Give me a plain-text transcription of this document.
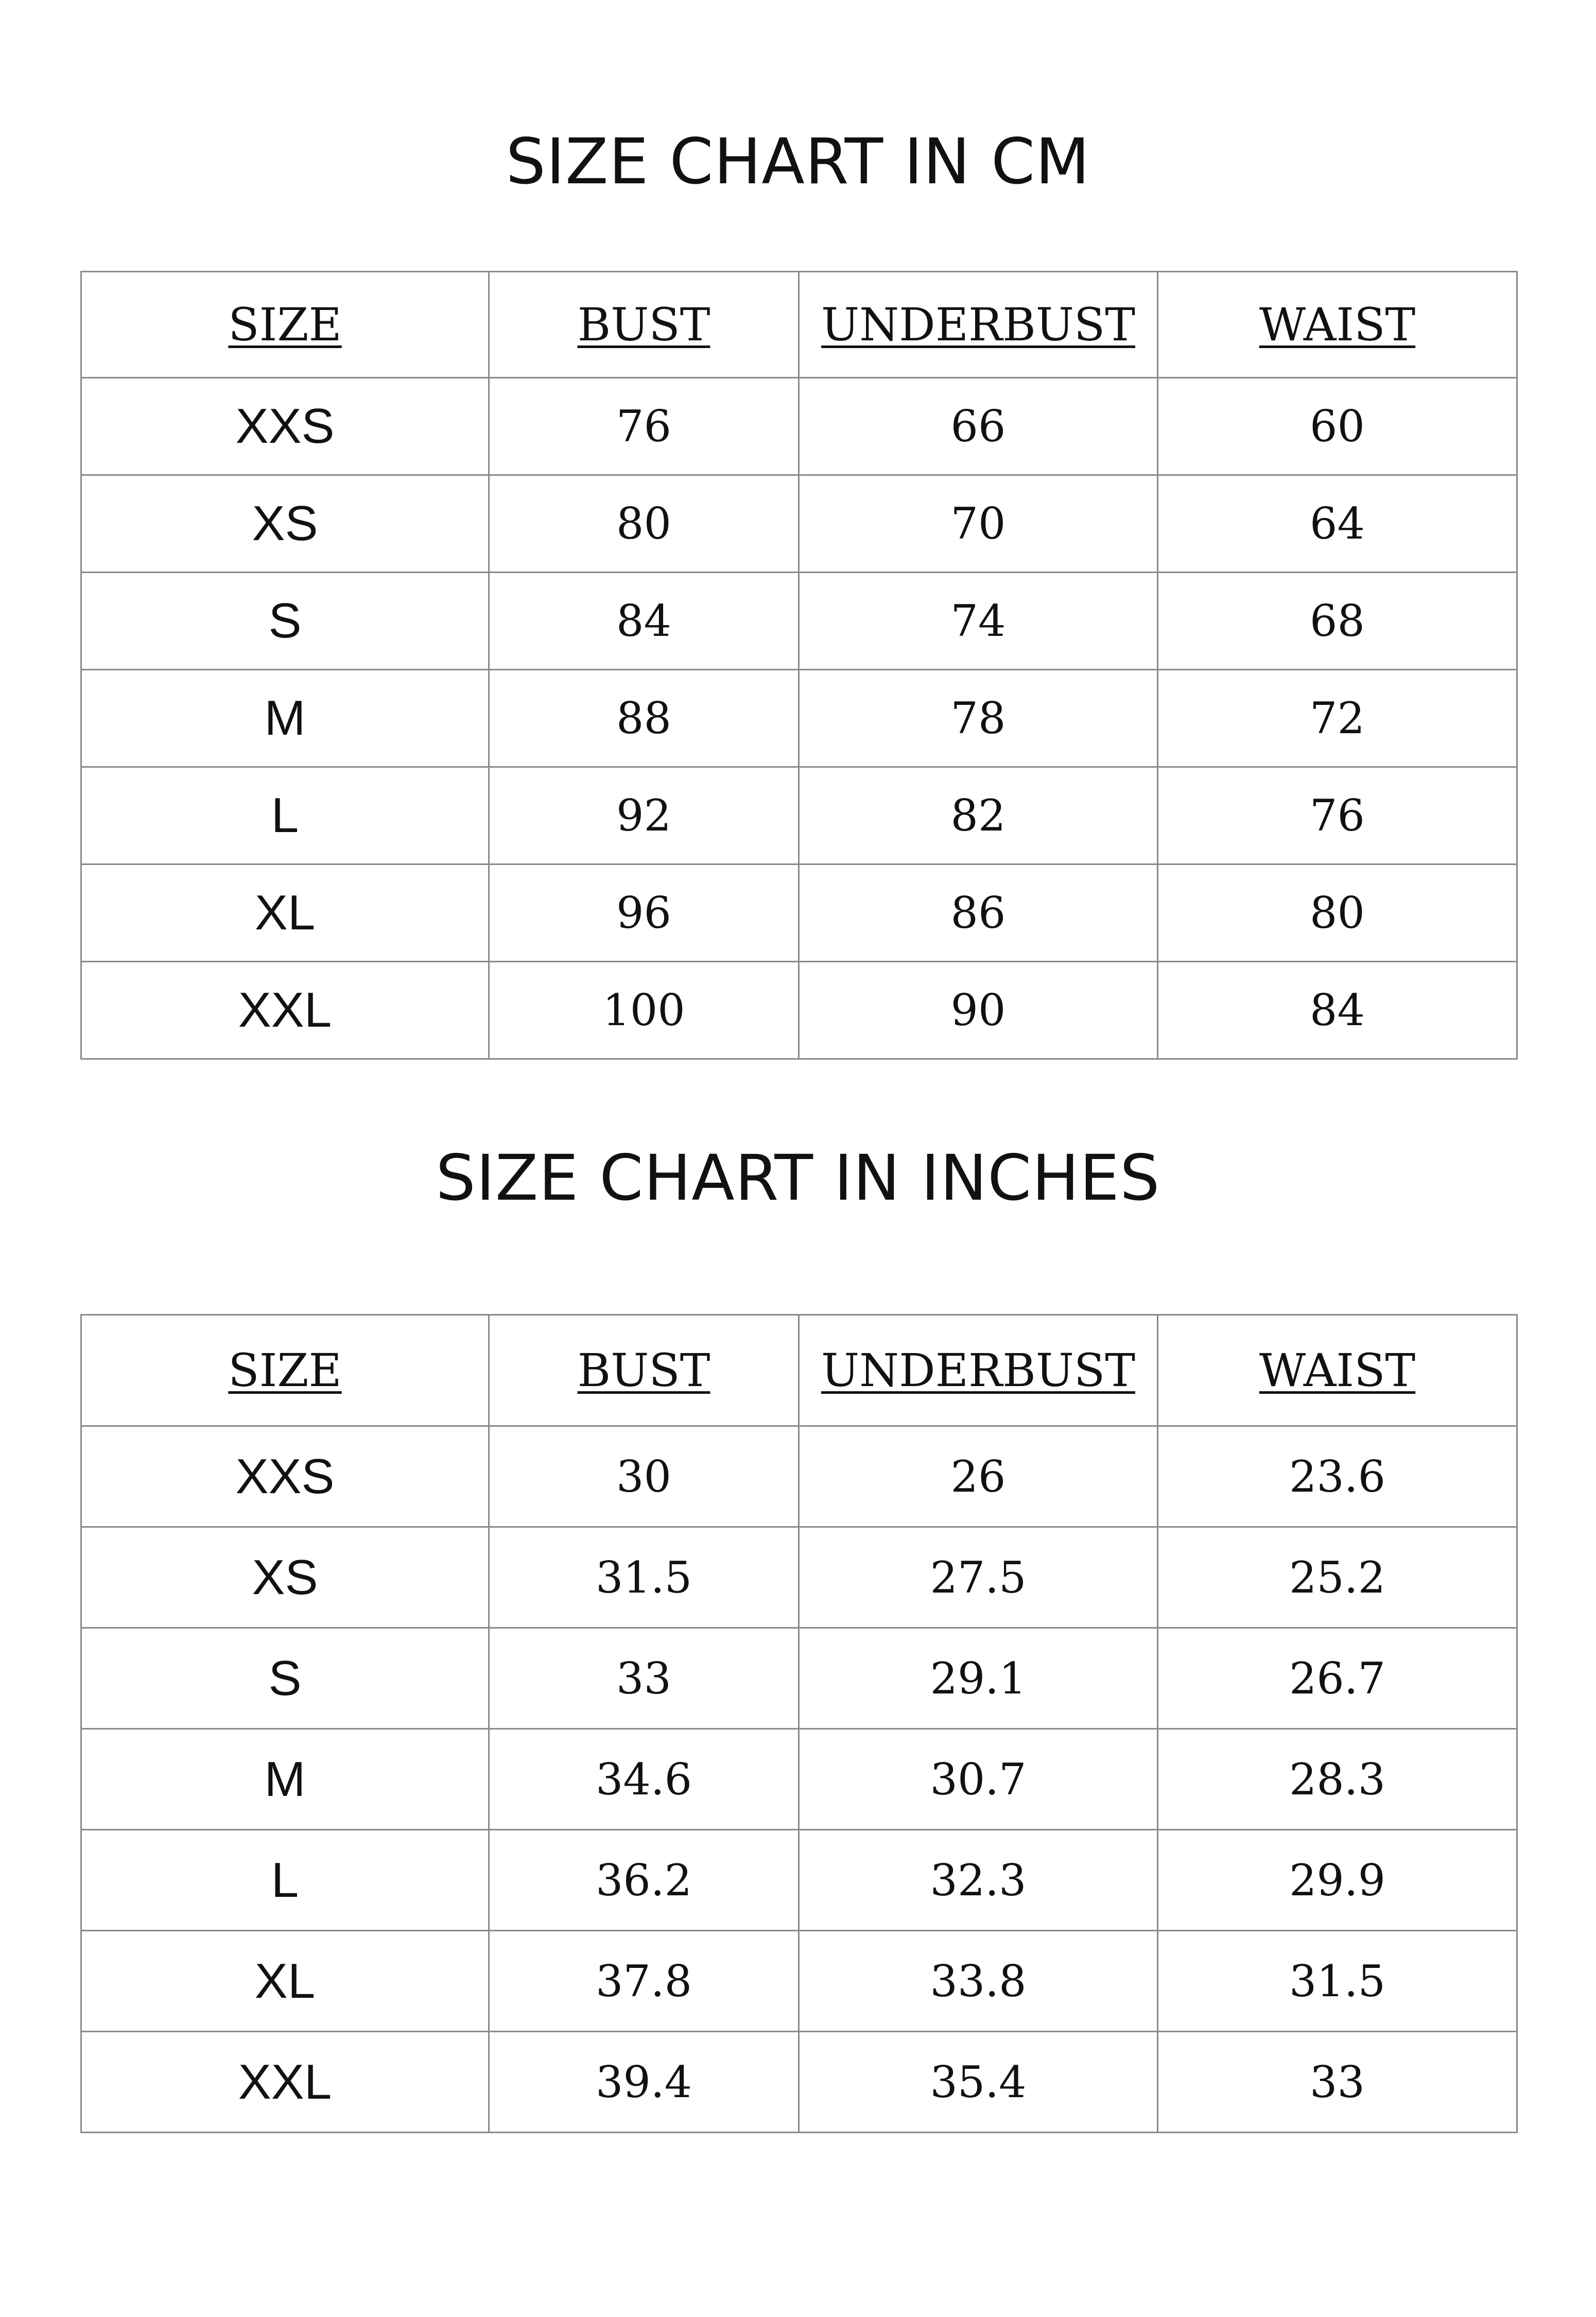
SIZE CHART IN CM
SIZE	BUST	UNDERBUST	WAIST
XXS	76	66	60
XS	80	70	64
S	84	74	68
M	88	78	72
L	92	82	76
XL	96	86	80
XXL	100	90	84
SIZE CHART IN INCHES
SIZE	BUST	UNDERBUST	WAIST
XXS	30	26	23.6
XS	31.5	27.5	25.2
S	33	29.1	26.7
M	34.6	30.7	28.3
L	36.2	32.3	29.9
XL	37.8	33.8	31.5
XXL	39.4	35.4	33
